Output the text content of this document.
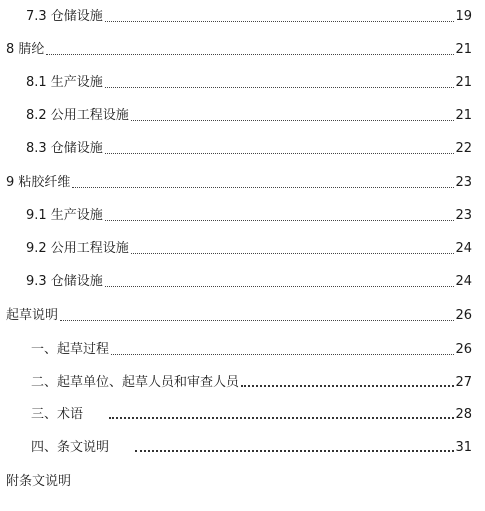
7.3 仓储设施	19
8 腈纶	21
8.1 生产设施	21
8.2 公用工程设施	21
8.3 仓储设施	22
9 粘胶纤维	23
9.1 生产设施	23
9.2 公用工程设施	24
9.3 仓储设施	24
起草说明	26
一、起草过程	26
二、起草单位、起草人员和审查人员	27
三、术语	28
四、条文说明	31
附条文说明
